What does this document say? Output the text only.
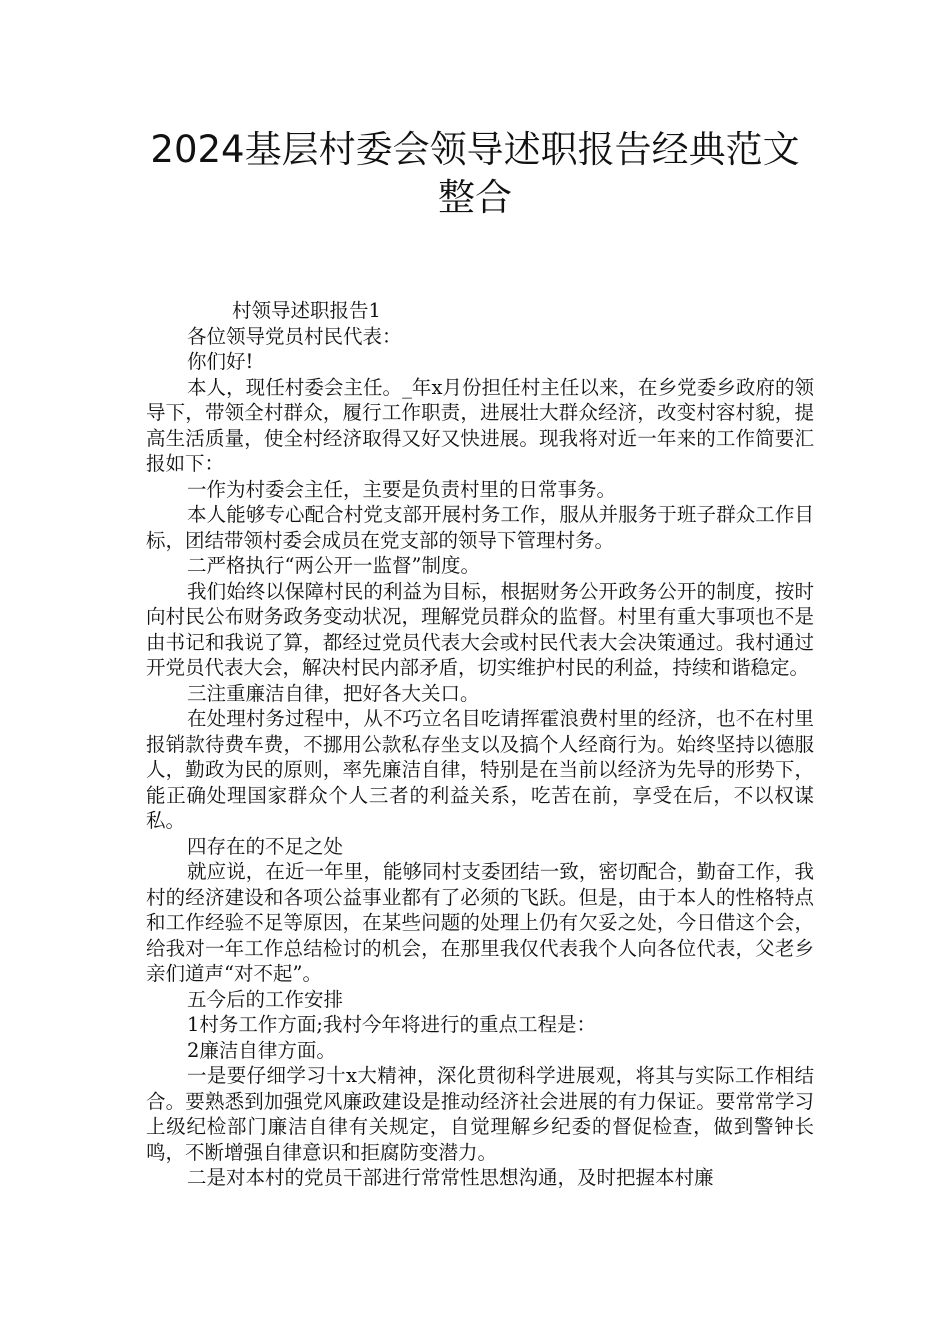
2024基层村委会领导述职报告经典范文
整合

村领导述职报告1

各位领导党员村民代表：

你们好!

本人，现任村委会主任。_年x月份担任村主任以来，在乡党委乡政府的领导下，带领全村群众，履行工作职责，进展壮大群众经济，改变村容村貌，提高生活质量，使全村经济取得又好又快进展。现我将对近一年来的工作简要汇报如下：

一作为村委会主任，主要是负责村里的日常事务。

本人能够专心配合村党支部开展村务工作，服从并服务于班子群众工作目标，团结带领村委会成员在党支部的领导下管理村务。

二严格执行“两公开一监督”制度。

我们始终以保障村民的利益为目标，根据财务公开政务公开的制度，按时向村民公布财务政务变动状况，理解党员群众的监督。村里有重大事项也不是由书记和我说了算，都经过党员代表大会或村民代表大会决策通过。我村通过开党员代表大会，解决村民内部矛盾，切实维护村民的利益，持续和谐稳定。

三注重廉洁自律，把好各大关口。

在处理村务过程中，从不巧立名目吃请挥霍浪费村里的经济，也不在村里报销款待费车费，不挪用公款私存坐支以及搞个人经商行为。始终坚持以德服人，勤政为民的原则，率先廉洁自律，特别是在当前以经济为先导的形势下，能正确处理国家群众个人三者的利益关系，吃苦在前，享受在后，不以权谋私。

四存在的不足之处

就应说，在近一年里，能够同村支委团结一致，密切配合，勤奋工作，我村的经济建设和各项公益事业都有了必须的飞跃。但是，由于本人的性格特点和工作经验不足等原因，在某些问题的处理上仍有欠妥之处，今日借这个会，给我对一年工作总结检讨的机会，在那里我仅代表我个人向各位代表，父老乡亲们道声“对不起”。

五今后的工作安排

1村务工作方面;我村今年将进行的重点工程是：

2廉洁自律方面。

一是要仔细学习十x大精神，深化贯彻科学进展观，将其与实际工作相结合。要熟悉到加强党风廉政建设是推动经济社会进展的有力保证。要常常学习上级纪检部门廉洁自律有关规定，自觉理解乡纪委的督促检查，做到警钟长鸣，不断增强自律意识和拒腐防变潜力。

二是对本村的党员干部进行常常性思想沟通，及时把握本村廉
